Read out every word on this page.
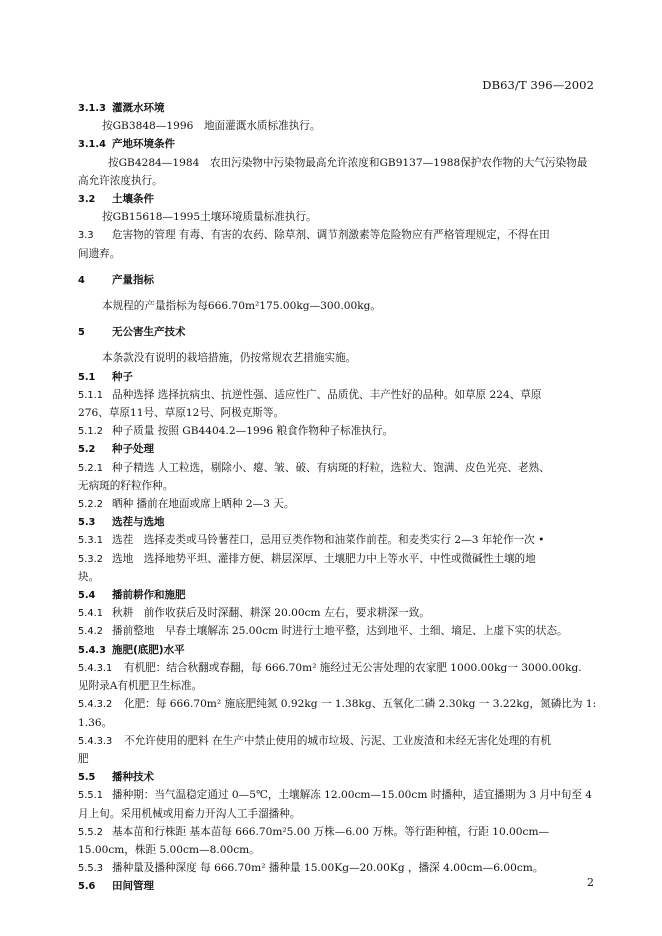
DB63/T 396—2002
3.1.3 灌溉水环境
按GB3848—1996　地面灌溉水质标准执行。
3.1.4 产地环境条件
按GB4284—1984　农田污染物中污染物最高允许浓度和GB9137—1988保护农作物的大气污染物最
高允许浓度执行。
3.2 土壤条件
按GB15618—1995土壤环境质量标准执行。
3.3 危害物的管理 有毒、有害的农药、除草剂、调节剂激素等危险物应有严格管理规定，不得在田
间遗弃。
4	产量指标
本规程的产量指标为每666.70m²175.00kg—300.00kg。
5	无公害生产技术
本条款没有说明的栽培措施，仍按常规农艺措施实施。
5.1 种子
5.1.1 品种选择 选择抗病虫、抗逆性强、适应性广、品质优、丰产性好的品种。如草原 224、草原
276、草原11号、草原12号、阿极克斯等。
5.1.2 种子质量 按照 GB4404.2—1996 粮食作物种子标准执行。
5.2 种子处理
5.2.1 种子精选 人工粒选，剔除小、瘪、皱、破、有病斑的籽粒，选粒大、饱满、皮色光亮、老熟、
无病斑的籽粒作种。
5.2.2 晒种 播前在地面或席上晒种 2—3 天。
5.3 选茬与选地
5.3.1 选茬　选择麦类或马铃薯茬口，忌用豆类作物和油菜作前茬。和麦类实行 2—3 年轮作一次 •
5.3.2 选地　选择地势平坦、灌排方便、耕层深厚、土壤肥力中上等水平、中性或微碱性土壤的地
块。
5.4 播前耕作和施肥
5.4.1 秋耕　前作收获后及时深翻、耕深 20.00cm 左右，要求耕深一致。
5.4.2 播前整地　早春土壤解冻 25.00cm 时进行土地平整，达到地平、土细、墒足、上虚下实的状态。
5.4.3 施肥(底肥)水平
5.4.3.1 有机肥：结合秋翻或春翻，每 666.70m² 施经过无公害处理的农家肥 1000.00kg一 3000.00kg.
见附录A有机肥卫生标准。
5.4.3.2 化肥：每 666.70m² 施底肥纯氮 0.92kg 一 1.38kg、五氧化二磷 2.30kg 一 3.22kg，氮磷比为 1:
1.36。
5.4.3.3 不允许使用的肥料 在生产中禁止使用的城市垃圾、污泥、工业废渣和未经无害化处理的有机
肥
5.5 播种技术
5.5.1 播种期：当气温稳定通过 0—5℃，土壤解冻 12.00cm—15.00cm 时播种，适宜播期为 3 月中旬至 4
月上旬。采用机械或用畜力开沟人工手溜播种。
5.5.2 基本苗和行株距 基本苗每 666.70m²5.00 万株—6.00 万株。等行距种植，行距 10.00cm—
15.00cm，株距 5.00cm—8.00cm。
5.5.3 播种量及播种深度 每 666.70m² 播种量 15.00Kg—20.00Kg ，播深 4.00cm—6.00cm。
5.6 田间管理	2
